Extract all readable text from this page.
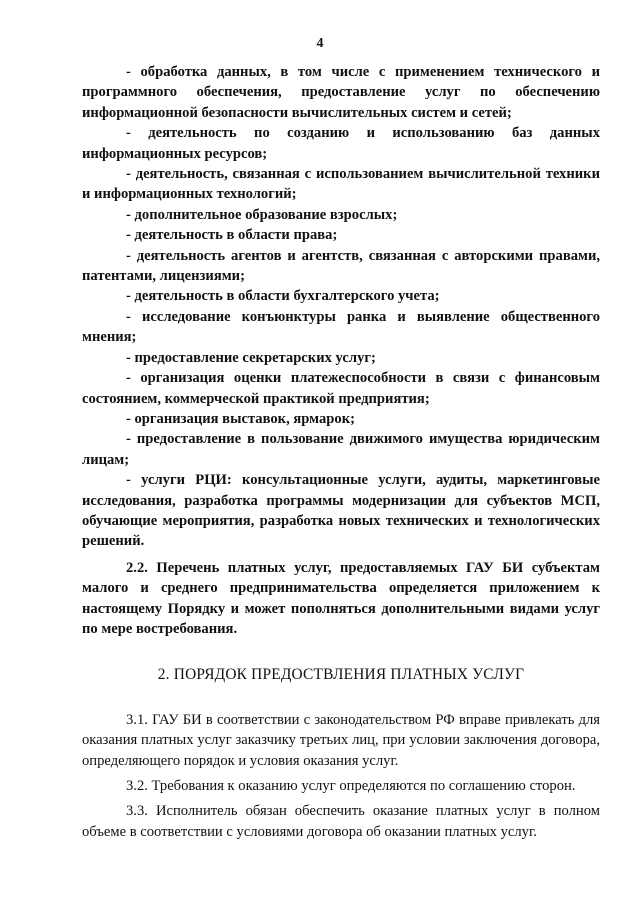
4

- обработка данных, в том числе с применением технического и программного обеспечения, предоставление услуг по обеспечению информационной безопасности вычислительных систем и сетей;

- деятельность по созданию и использованию баз данных информационных ресурсов;

- деятельность, связанная с использованием вычислительной техники и информационных технологий;

- дополнительное образование взрослых;

- деятельность в области права;

- деятельность агентов и агентств, связанная с авторскими правами, патентами, лицензиями;

- деятельность в области бухгалтерского учета;

- исследование конъюнктуры ранка и выявление общественного мнения;

- предоставление секретарских услуг;

- организация оценки платежеспособности в связи с финансовым состоянием, коммерческой практикой предприятия;

- организация выставок, ярмарок;

- предоставление в пользование движимого имущества юридическим лицам;

- услуги РЦИ: консультационные услуги, аудиты, маркетинговые исследования, разработка программы модернизации для субъектов МСП, обучающие мероприятия, разработка новых технических и технологических решений.

2.2. Перечень платных услуг, предоставляемых ГАУ БИ субъектам малого и среднего предпринимательства определяется приложением к настоящему Порядку и может пополняться дополнительными видами услуг по мере востребования.

2. ПОРЯДОК ПРЕДОСТВЛЕНИЯ ПЛАТНЫХ УСЛУГ

3.1. ГАУ БИ в соответствии с законодательством РФ вправе привлекать для оказания платных услуг заказчику третьих лиц, при условии заключения договора, определяющего порядок и условия оказания услуг.

3.2. Требования к оказанию услуг определяются по соглашению сторон.

3.3. Исполнитель обязан обеспечить оказание платных услуг в полном объеме в соответствии с условиями договора об оказании платных услуг.
